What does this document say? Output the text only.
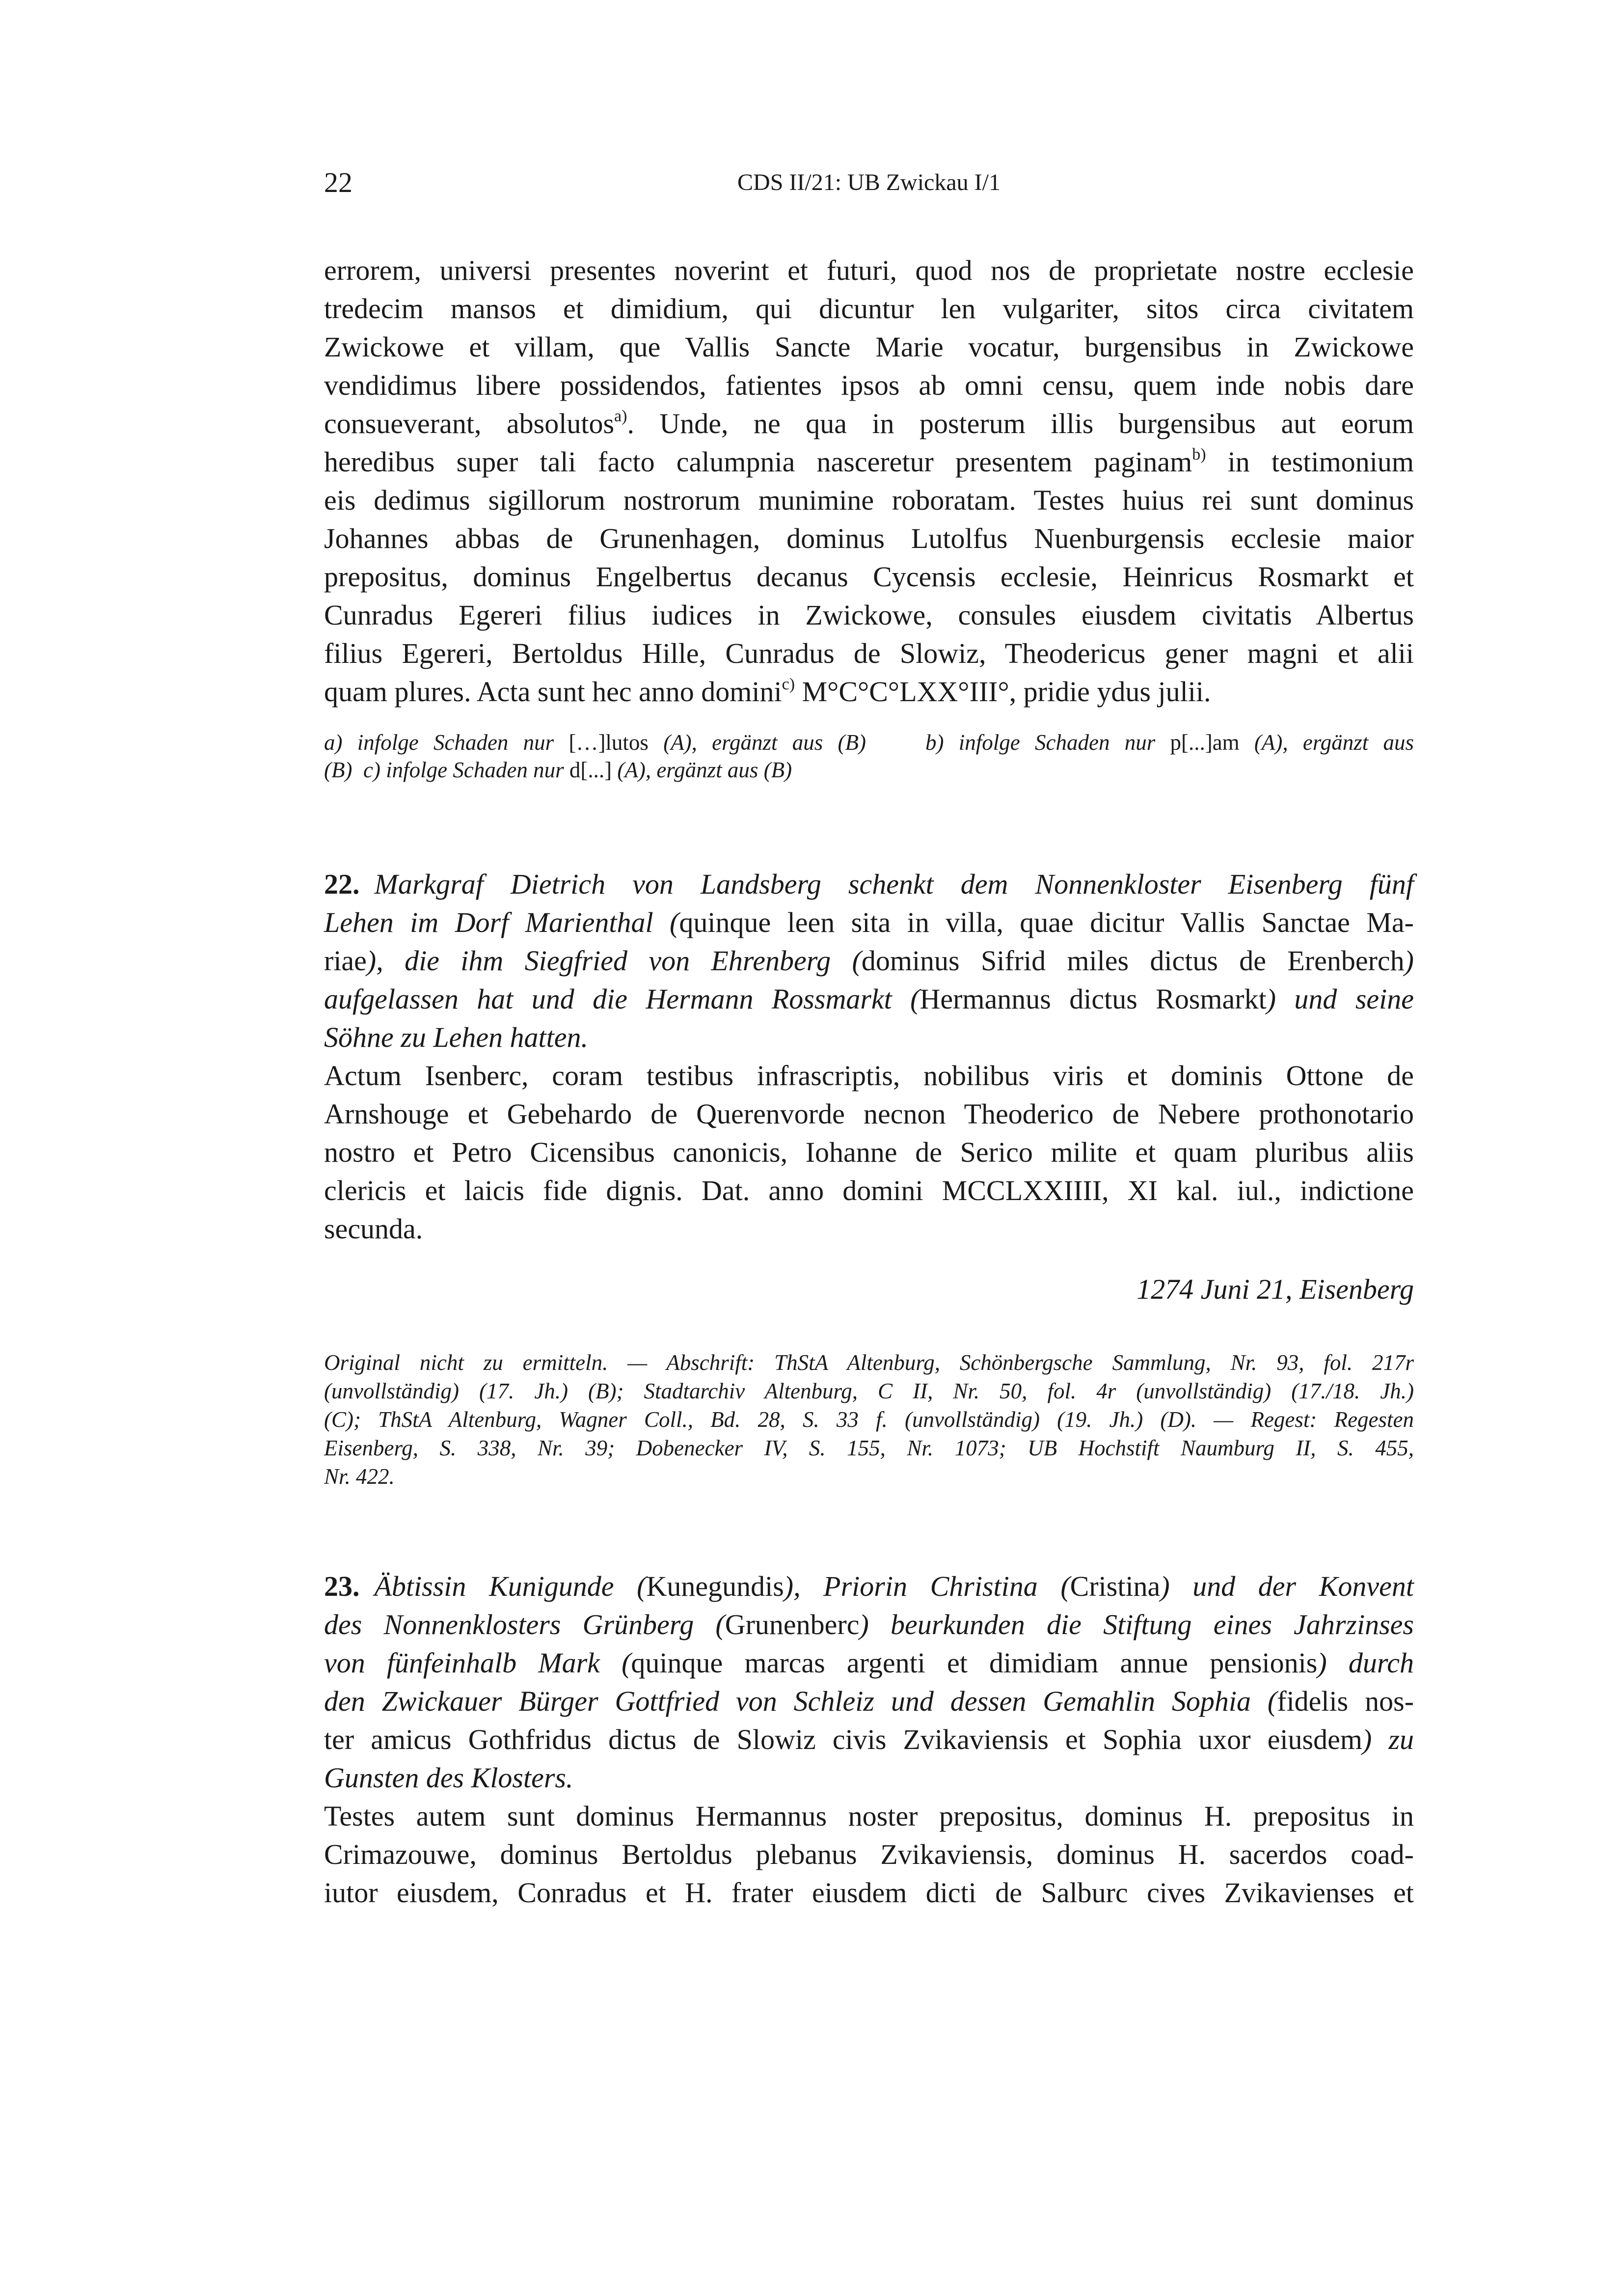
22	CDS II/21: UB Zwickau I/1
errorem, universi presentes noverint et futuri, quod nos de proprietate nostre ecclesie
tredecim mansos et dimidium, qui dicuntur len vulgariter, sitos circa civitatem
Zwickowe et villam, que Vallis Sancte Marie vocatur, burgensibus in Zwickowe
vendidimus libere possidendos, fatientes ipsos ab omni censu, quem inde nobis dare
consueverant, absolutos$^{a)}$. Unde, ne qua in posterum illis burgensibus aut eorum
heredibus super tali facto calumpnia nasceretur presentem paginam$^{b)}$ in testimonium
eis dedimus sigillorum nostrorum munimine roboratam. Testes huius rei sunt dominus
Johannes abbas de Grunenhagen, dominus Lutolfus Nuenburgensis ecclesie maior
prepositus, dominus Engelbertus decanus Cycensis ecclesie, Heinricus Rosmarkt et
Cunradus Egereri filius iudices in Zwickowe, consules eiusdem civitatis Albertus
filius Egereri, Bertoldus Hille, Cunradus de Slowiz, Theodericus gener magni et alii
quam plures. Acta sunt hec anno domini$^{c)}$ M°C°C°LXX°III°, pridie ydus julii.
a) infolge Schaden nur […]lutos (A), ergänzt aus (B)	b) infolge Schaden nur p[...]am (A), ergänzt aus
(B) c) infolge Schaden nur d[...] (A), ergänzt aus (B)
22. Markgraf Dietrich von Landsberg schenkt dem Nonnenkloster Eisenberg fünf
Lehen im Dorf Marienthal (quinque leen sita in villa, quae dicitur Vallis Sanctae Ma-
riae), die ihm Siegfried von Ehrenberg (dominus Sifrid miles dictus de Erenberch)
aufgelassen hat und die Hermann Rossmarkt (Hermannus dictus Rosmarkt) und seine
Söhne zu Lehen hatten.
Actum Isenberc, coram testibus infrascriptis, nobilibus viris et dominis Ottone de
Arnshouge et Gebehardo de Querenvorde necnon Theoderico de Nebere prothonotario
nostro et Petro Cicensibus canonicis, Iohanne de Serico milite et quam pluribus aliis
clericis et laicis fide dignis. Dat. anno domini MCCLXXIIII, XI kal. iul., indictione
secunda.
1274 Juni 21, Eisenberg
Original nicht zu ermitteln. — Abschrift: ThStA Altenburg, Schönbergsche Sammlung, Nr. 93, fol. 217r
(unvollständig) (17. Jh.) (B); Stadtarchiv Altenburg, C II, Nr. 50, fol. 4r (unvollständig) (17./18. Jh.)
(C); ThStA Altenburg, Wagner Coll., Bd. 28, S. 33 f. (unvollständig) (19. Jh.) (D). — Regest: Regesten
Eisenberg, S. 338, Nr. 39; Dobenecker IV, S. 155, Nr. 1073; UB Hochstift Naumburg II, S. 455,
Nr. 422.
23. Äbtissin Kunigunde (Kunegundis), Priorin Christina (Cristina) und der Konvent
des Nonnenklosters Grünberg (Grunenberc) beurkunden die Stiftung eines Jahrzinses
von fünfeinhalb Mark (quinque marcas argenti et dimidiam annue pensionis) durch
den Zwickauer Bürger Gottfried von Schleiz und dessen Gemahlin Sophia (fidelis nos-
ter amicus Gothfridus dictus de Slowiz civis Zvikaviensis et Sophia uxor eiusdem) zu
Gunsten des Klosters.
Testes autem sunt dominus Hermannus noster prepositus, dominus H. prepositus in
Crimazouwe, dominus Bertoldus plebanus Zvikaviensis, dominus H. sacerdos coad-
iutor eiusdem, Conradus et H. frater eiusdem dicti de Salburc cives Zvikavienses et
